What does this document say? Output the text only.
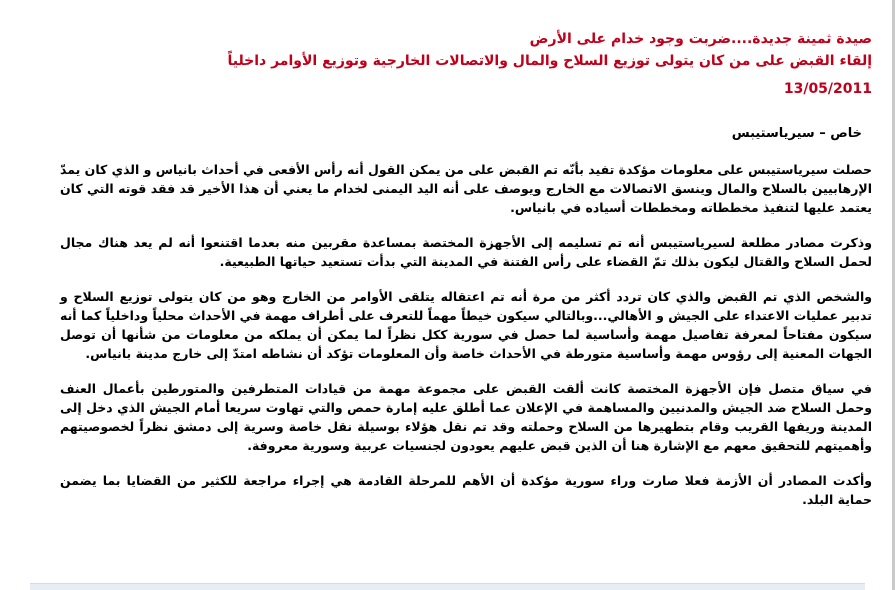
صيدة ثمينة جديدة....ضربت وجود خدام على الأرض

إلقاء القبض على من كان يتولى توزيع السلاح والمال والاتصالات الخارجية وتوزيع الأوامر داخلياً

13/05/2011

خاص – سيرياستيبس

حصلت سيرياستيبس على معلومات مؤكدة تفيد بأنّه تم القبض على من يمكن القول أنه رأس الأفعى في أحداث بانياس و الذي كان يمدّ الإرهابيين بالسلاح والمال وينسق الاتصالات مع الخارج ويوصف على أنه اليد اليمنى لخدام ما يعني أن هذا الأخير قد فقد قوته التي كان يعتمد عليها لتنفيذ مخططاته ومخططات أسياده في بانياس.

وذكرت مصادر مطلعة لسيرياستيبس أنه تم تسليمه إلى الأجهزة المختصة بمساعدة مقربين منه بعدما اقتنعوا أنه لم يعد هناك مجال لحمل السلاح والقتال ليكون بذلك تمّ القضاء على رأس الفتنة في المدينة التي بدأت تستعيد حياتها الطبيعية.

والشخص الذي تم القبض والذي كان تردد أكثر من مرة أنه تم اعتقاله يتلقى الأوامر من الخارج وهو من كان يتولى توزيع السلاح و تدبير عمليات الاعتداء على الجيش و الأهالي...وبالتالي سيكون خيطاً مهماً للتعرف على أطراف مهمة في الأحداث محلياً وداخلياً كما أنه سيكون مفتاحاً لمعرفة تفاصيل مهمة وأساسية لما حصل في سورية ككل نظراً لما يمكن أن يملكه من معلومات من شأنها أن توصل الجهات المعنية إلى رؤوس مهمة وأساسية متورطة في الأحداث خاصة وأن المعلومات تؤكد أن نشاطه امتدّ إلى خارج مدينة بانياس.

في سياق متصل فإن الأجهزة المختصة كانت ألقت القبض على مجموعة مهمة من قيادات المتطرفين والمتورطين بأعمال العنف وحمل السلاح ضد الجيش والمدنيين والمساهمة في الإعلان عما أطلق عليه إمارة حمص والتي تهاوت سريعا أمام الجيش الذي دخل إلى المدينة وريفها القريب وقام بتطهيرها من السلاح وحملته وقد تم نقل هؤلاء بوسيلة نقل خاصة وسرية إلى دمشق نظراً لخصوصيتهم وأهميتهم للتحقيق معهم مع الإشارة هنا أن الذين قبض عليهم يعودون لجنسيات عربية وسورية معروفة.

وأكدت المصادر أن الأزمة فعلا صارت وراء سورية مؤكدة أن الأهم للمرحلة القادمة هي إجراء مراجعة للكثير من القضايا بما يضمن حماية البلد.
